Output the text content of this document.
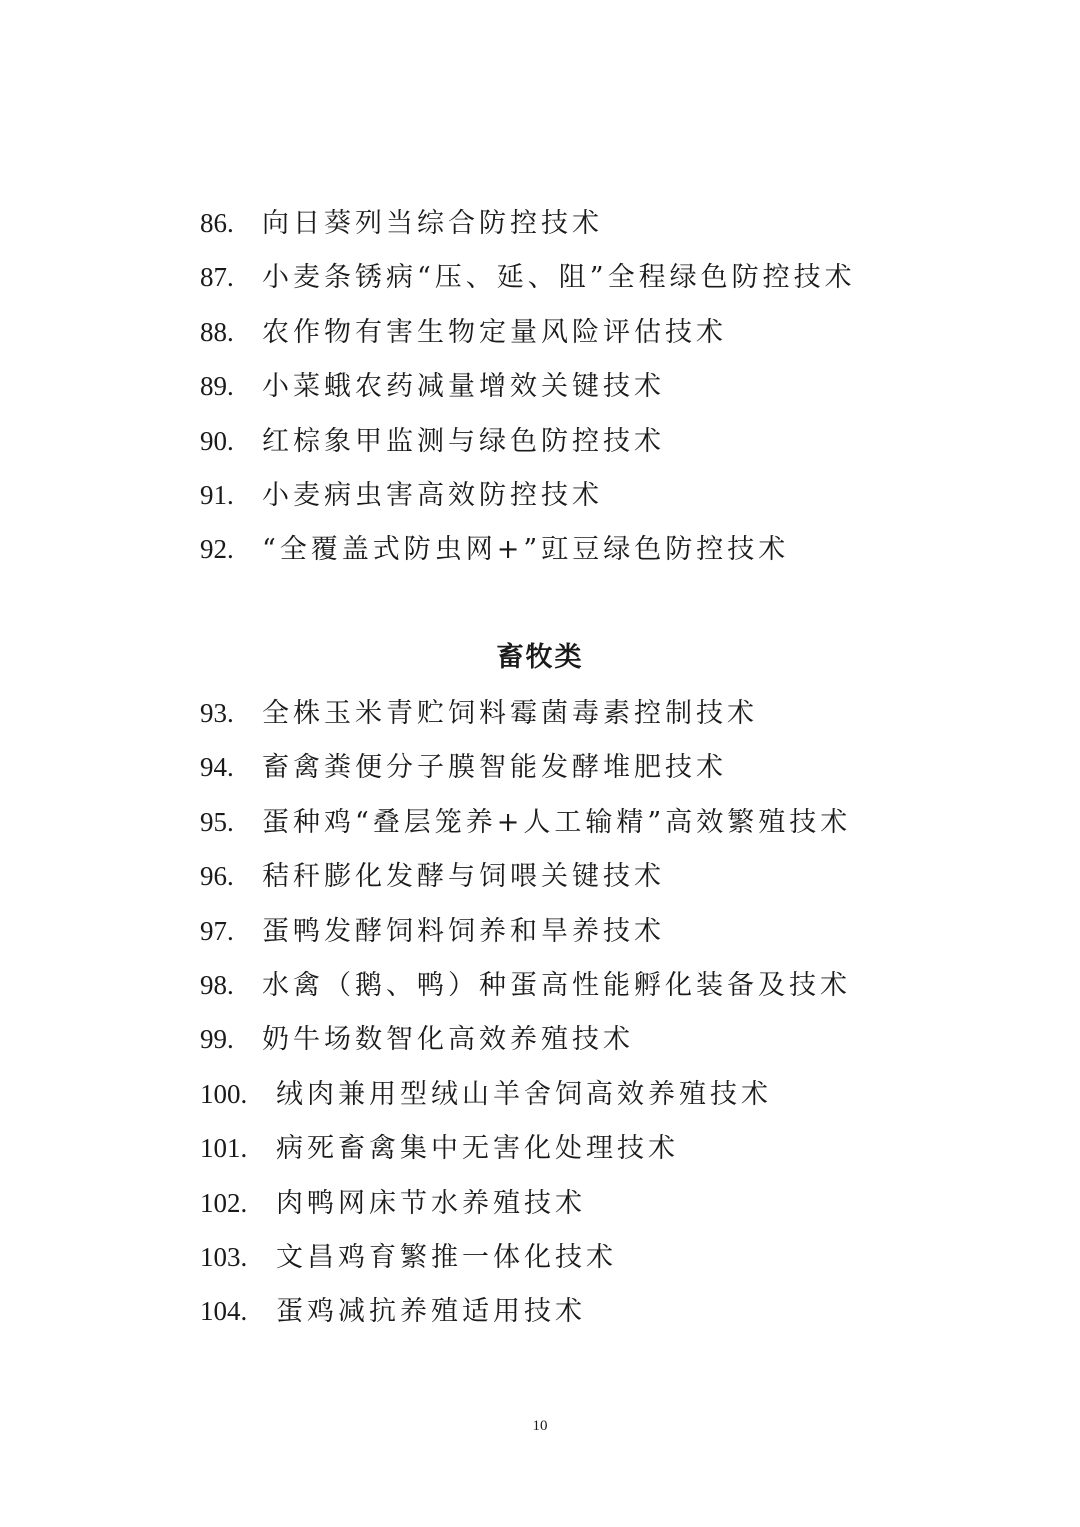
86. 向日葵列当综合防控技术
87. 小麦条锈病“压、延、阻”全程绿色防控技术
88. 农作物有害生物定量风险评估技术
89. 小菜蛾农药减量增效关键技术
90. 红棕象甲监测与绿色防控技术
91. 小麦病虫害高效防控技术
92. “全覆盖式防虫网+”豇豆绿色防控技术
畜牧类
93. 全株玉米青贮饲料霉菌毒素控制技术
94. 畜禽粪便分子膜智能发酵堆肥技术
95. 蛋种鸡“叠层笼养+人工输精”高效繁殖技术
96. 秸秆膨化发酵与饲喂关键技术
97. 蛋鸭发酵饲料饲养和旱养技术
98. 水禽（鹅、鸭）种蛋高性能孵化装备及技术
99. 奶牛场数智化高效养殖技术
100. 绒肉兼用型绒山羊舍饲高效养殖技术
101. 病死畜禽集中无害化处理技术
102. 肉鸭网床节水养殖技术
103. 文昌鸡育繁推一体化技术
104. 蛋鸡减抗养殖适用技术
10
